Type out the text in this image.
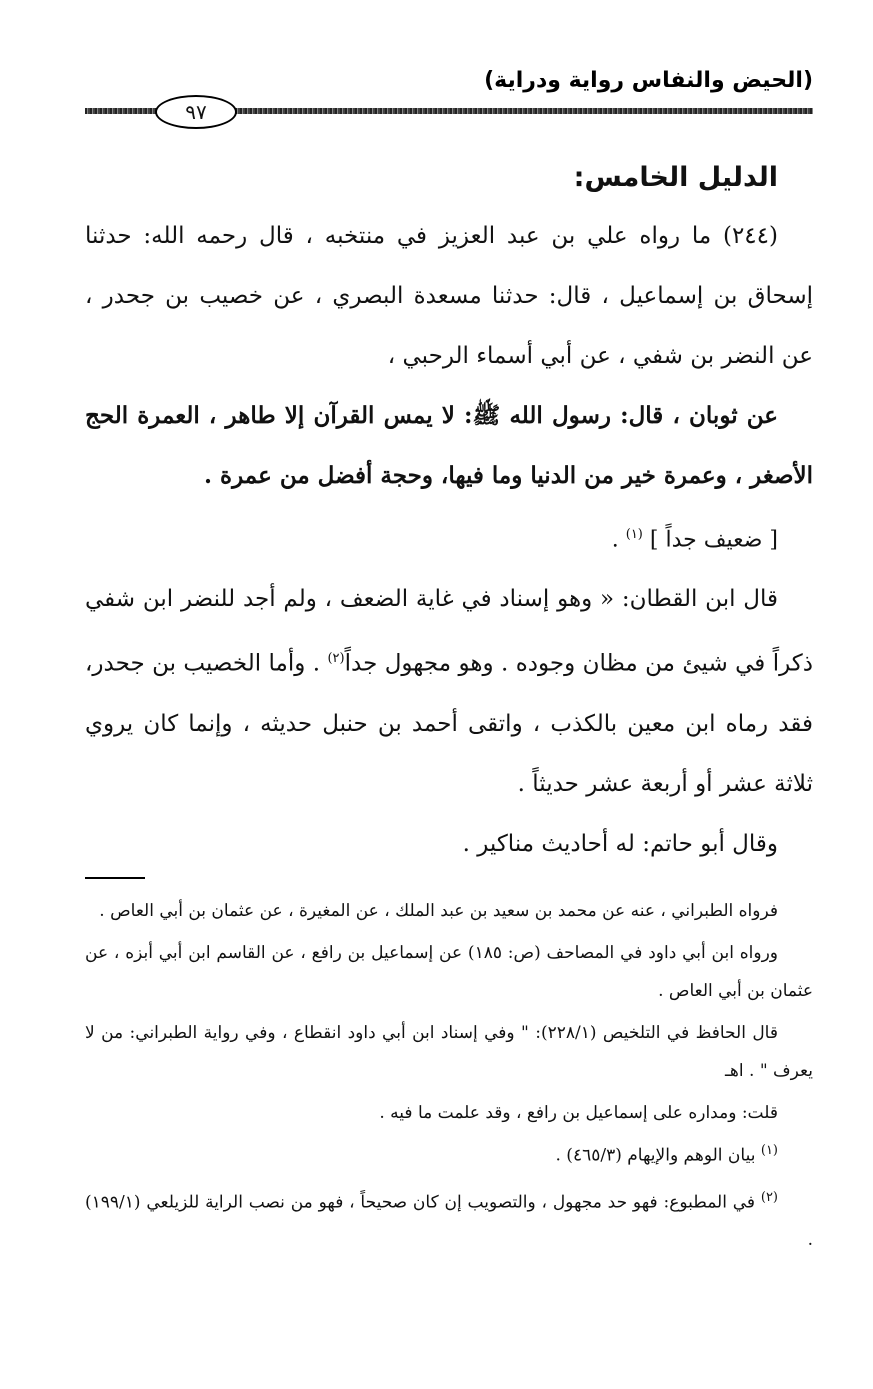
(الحيض والنفاس رواية ودراية)
٩٧
الدليل الخامس:
(٢٤٤) ما رواه علي بن عبد العزيز في منتخبه ، قال رحمه الله: حدثنا إسحاق بن إسماعيل ، قال: حدثنا مسعدة البصري ، عن خصيب بن جحدر ، عن النضر بن شفي ، عن أبي أسماء الرحبي ،
عن ثوبان ، قال: رسول الله ﷺ: لا يمس القرآن إلا طاهر ، العمرة الحج الأصغر ، وعمرة خير من الدنيا وما فيها، وحجة أفضل من عمرة .
[ ضعيف جداً ] $^{(١)}$ .
قال ابن القطان: « وهو إسناد في غاية الضعف ، ولم أجد للنضر ابن شفي ذكراً في شيئ من مظان وجوده . وهو مجهول جداً$^{(٢)}$ . وأما الخصيب بن جحدر، فقد رماه ابن معين بالكذب ، واتقى أحمد بن حنبل حديثه ، وإنما كان يروي ثلاثة عشر أو أربعة عشر حديثاً .
وقال أبو حاتم: له أحاديث مناكير .
فرواه الطبراني ، عنه عن محمد بن سعيد بن عبد الملك ، عن المغيرة ، عن عثمان بن أبي العاص .
ورواه ابن أبي داود في المصاحف (ص: ١٨٥) عن إسماعيل بن رافع ، عن القاسم ابن أبي أبزه ، عن عثمان بن أبي العاص .
قال الحافظ في التلخيص (٢٢٨/١): " وفي إسناد ابن أبي داود انقطاع ، وفي رواية الطبراني: من لا يعرف " . اهـ
قلت: ومداره على إسماعيل بن رافع ، وقد علمت ما فيه .
$^{(١)}$ بيان الوهم والإيهام (٤٦٥/٣) .
$^{(٢)}$ في المطبوع: فهو حد مجهول ، والتصويب إن كان صحيحاً ، فهو من نصب الراية للزيلعي (١٩٩/١) .
